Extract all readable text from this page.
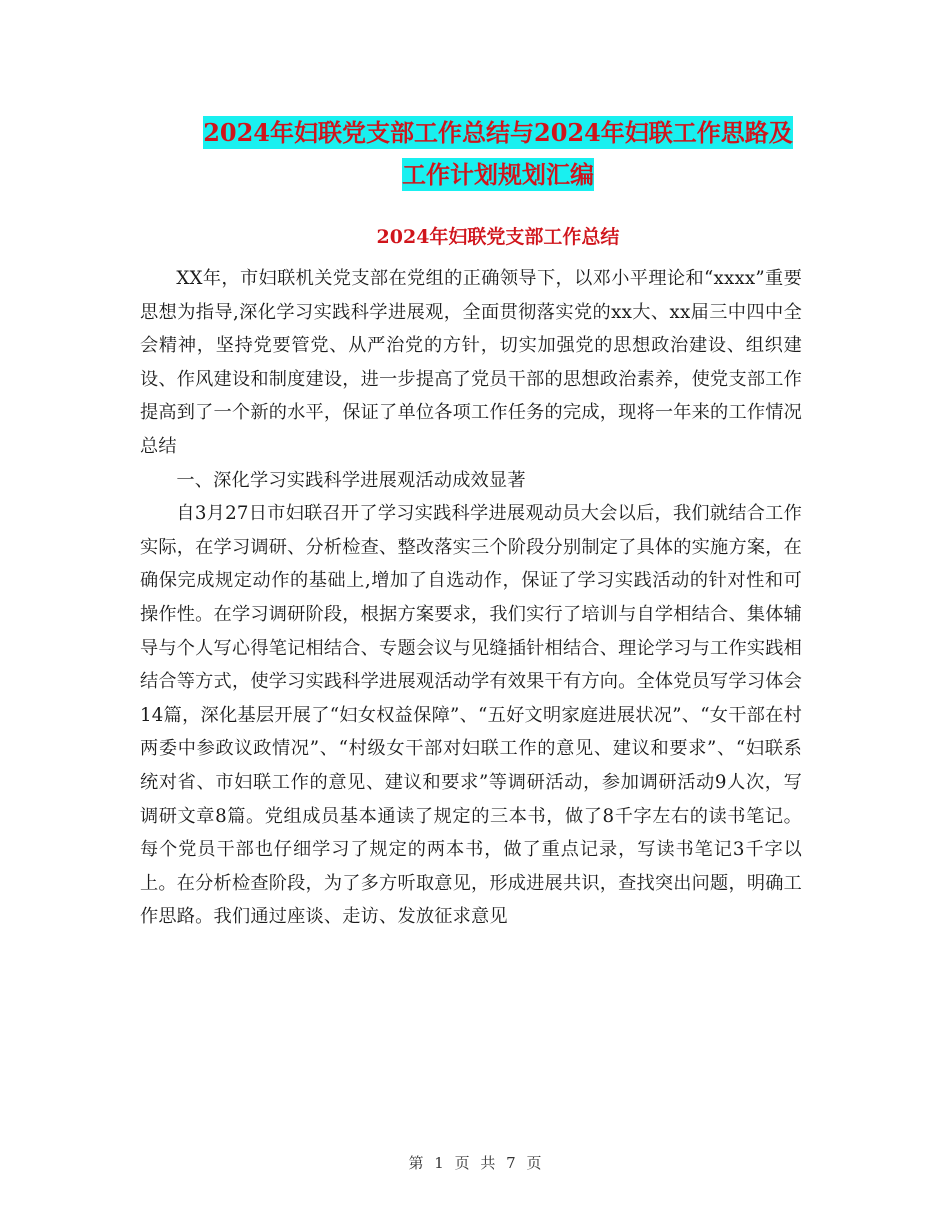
2024年妇联党支部工作总结与2024年妇联工作思路及
工作计划规划汇编
2024年妇联党支部工作总结

XX年，市妇联机关党支部在党组的正确领导下，以邓小平理论和“xxxx”重要思想为指导,深化学习实践科学进展观，全面贯彻落实党的xx大、xx届三中四中全会精神，坚持党要管党、从严治党的方针，切实加强党的思想政治建设、组织建设、作风建设和制度建设，进一步提高了党员干部的思想政治素养，使党支部工作提高到了一个新的水平，保证了单位各项工作任务的完成，现将一年来的工作情况总结

一、深化学习实践科学进展观活动成效显著

自3月27日市妇联召开了学习实践科学进展观动员大会以后，我们就结合工作实际，在学习调研、分析检查、整改落实三个阶段分别制定了具体的实施方案，在确保完成规定动作的基础上,增加了自选动作，保证了学习实践活动的针对性和可操作性。在学习调研阶段，根据方案要求，我们实行了培训与自学相结合、集体辅导与个人写心得笔记相结合、专题会议与见缝插针相结合、理论学习与工作实践相结合等方式，使学习实践科学进展观活动学有效果干有方向。全体党员写学习体会14篇，深化基层开展了“妇女权益保障”、“五好文明家庭进展状况”、“女干部在村两委中参政议政情况”、“村级女干部对妇联工作的意见、建议和要求”、“妇联系统对省、市妇联工作的意见、建议和要求”等调研活动，参加调研活动9人次，写调研文章8篇。党组成员基本通读了规定的三本书，做了8千字左右的读书笔记。每个党员干部也仔细学习了规定的两本书，做了重点记录，写读书笔记3千字以上。在分析检查阶段，为了多方听取意见，形成进展共识，查找突出问题，明确工作思路。我们通过座谈、走访、发放征求意见

第 1 页 共 7 页
